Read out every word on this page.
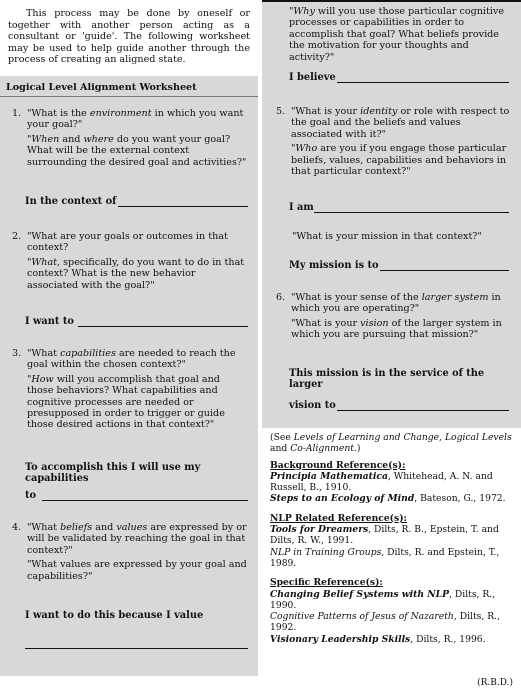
This process may be done by oneself or together with another person acting as a consultant or 'guide'. The following worksheet may be used to help guide another through the process of creating an aligned state.
Logical Level Alignment Worksheet
1. "What is the environment in which you want your goal?"
"When and where do you want your goal? What will be the external context surrounding the desired goal and activities?"
In the context of
2. "What are your goals or outcomes in that context?
"What, specifically, do you want to do in that context? What is the new behavior associated with the goal?"
I want to
3. "What capabilities are needed to reach the goal within the chosen context?"
"How will you accomplish that goal and those behaviors? What capabilities and cognitive processes are needed or presupposed in order to trigger or guide those desired actions in that context?"
To accomplish this I will use my capabilities
to
4. "What beliefs and values are expressed by or will be validated by reaching the goal in that context?"
"What values are expressed by your goal and capabilities?"
I want to do this because I value
"Why will you use those particular cognitive processes or capabilities in order to accomplish that goal? What beliefs provide the motivation for your thoughts and activity?"
I believe
5. "What is your identity or role with respect to the goal and the beliefs and values associated with it?"
"Who are you if you engage those particular beliefs, values, capabilities and behaviors in that particular context?"
I am
"What is your mission in that context?"
My mission is to
6. "What is your sense of the larger system in which you are operating?"
"What is your vision of the larger system in which you are pursuing that mission?"
This mission is in the service of the larger
vision to
(See Levels of Learning and Change, Logical Levels and Co-Alignment.)
Background Reference(s):
Principia Mathematica, Whitehead, A. N. and Russell, B., 1910.
Steps to an Ecology of Mind, Bateson, G., 1972.
NLP Related Reference(s):
Tools for Dreamers, Dilts, R. B., Epstein, T. and Dilts, R. W., 1991.
NLP in Training Groups, Dilts, R. and Epstein, T., 1989.
Specific Reference(s):
Changing Belief Systems with NLP, Dilts, R., 1990.
Cognitive Patterns of Jesus of Nazareth, Dilts, R., 1992.
Visionary Leadership Skills, Dilts, R., 1996.
(R.B.D.)
